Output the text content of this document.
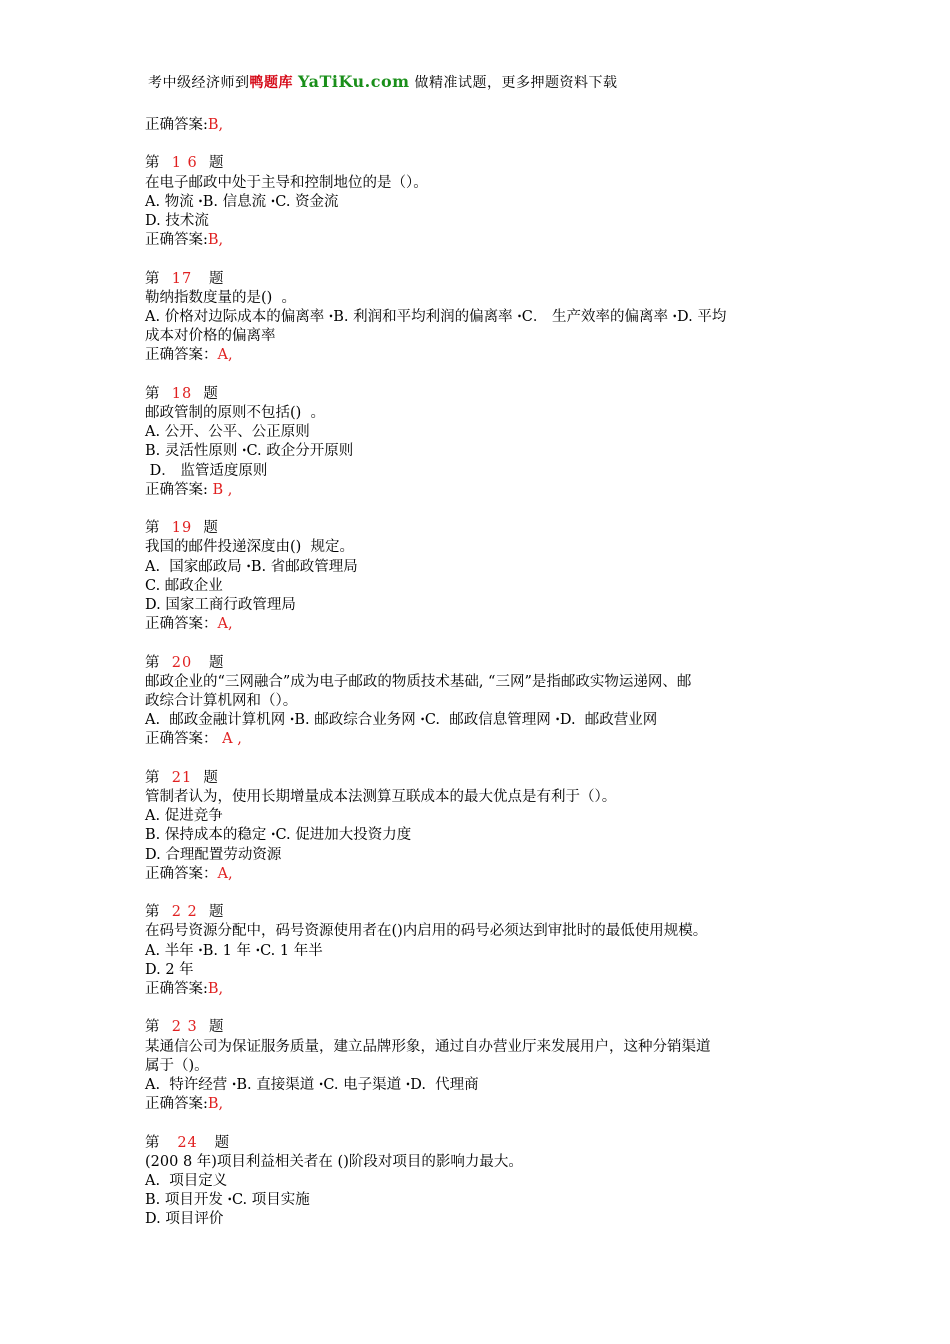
考中级经济师到鸭题库 YaTiKu.com 做精准试题，更多押题资料下载
正确答案:B,
第  1 6  题
在电子邮政中处于主导和控制地位的是（）。
A. 物流 ꞏB. 信息流 ꞏC. 资金流
D. 技术流
正确答案:B,
第  17   题
勒纳指数度量的是()  。
A. 价格对边际成本的偏离率 ꞏB. 利润和平均利润的偏离率 ꞏC． 生产效率的偏离率 ꞏD. 平均
成本对价格的偏离率
正确答案：A,
第  18  题
邮政管制的原则不包括()  。
A. 公开、公平、公正原则
B. 灵活性原则 ꞏC. 政企分开原则
D． 监管适度原则
正确答案: B ,
第  19  题
我国的邮件投递深度由()  规定。
A.  国家邮政局 ꞏB. 省邮政管理局
C. 邮政企业
D. 国家工商行政管理局
正确答案：A,
第  20   题
邮政企业的“三网融合”成为电子邮政的物质技术基础, “三网”是指邮政实物运递网、邮
政综合计算机网和（）。
A.  邮政金融计算机网 ꞏB. 邮政综合业务网 ꞏC.  邮政信息管理网 ꞏD.  邮政营业网
正确答案： A ,
第  21  题
管制者认为，使用长期增量成本法测算互联成本的最大优点是有利于（）。
A. 促进竞争
B. 保持成本的稳定 ꞏC. 促进加大投资力度
D. 合理配置劳动资源
正确答案：A,
第  2 2  题
在码号资源分配中，码号资源使用者在()内启用的码号必须达到审批时的最低使用规模。
A. 半年 ꞏB. 1 年 ꞏC. 1 年半
D. 2 年
正确答案:B,
第  2 3  题
某通信公司为保证服务质量，建立品牌形象，通过自办营业厅来发展用户，这种分销渠道
属于（)。
A.  特许经营 ꞏB. 直接渠道 ꞏC. 电子渠道 ꞏD.  代理商
正确答案:B,
第   24   题
(200 8 年)项目利益相关者在 ()阶段对项目的影响力最大。
A.  项目定义
B. 项目开发 ꞏC. 项目实施
D. 项目评价
